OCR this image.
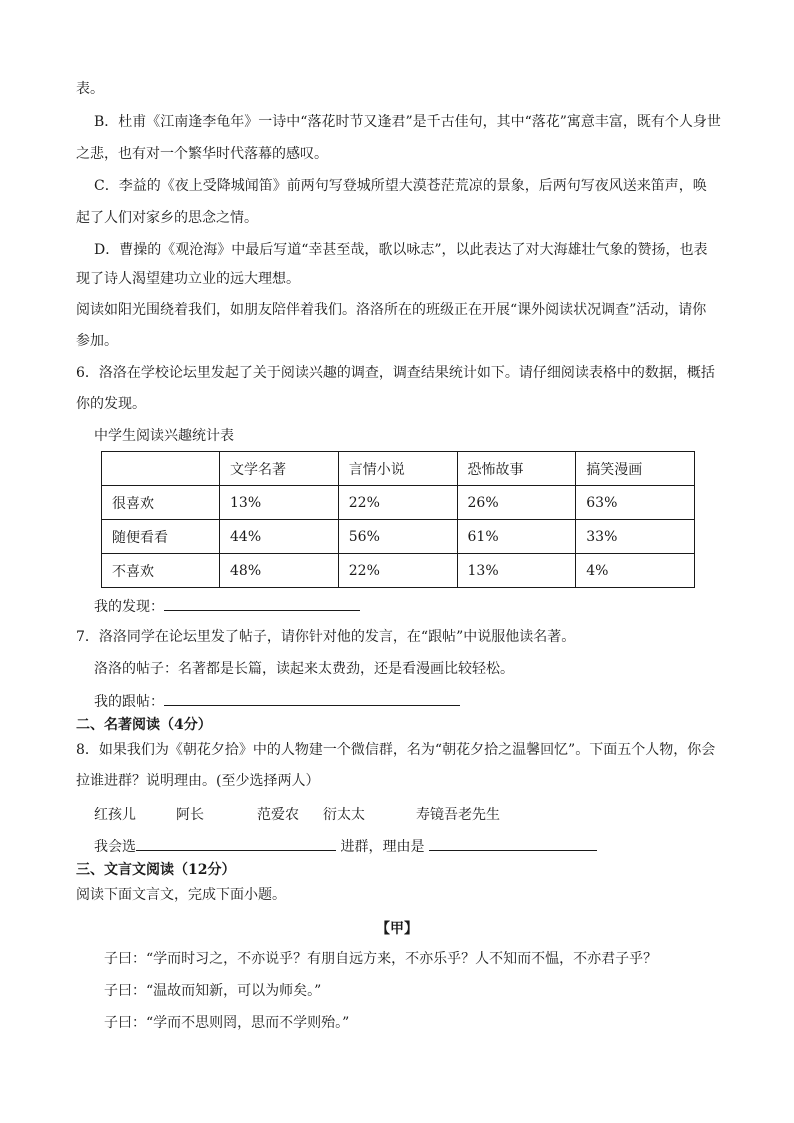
表。
B．杜甫《江南逢李龟年》一诗中“落花时节又逢君”是千古佳句，其中“落花”寓意丰富，既有个人身世
之悲，也有对一个繁华时代落幕的感叹。
C．李益的《夜上受降城闻笛》前两句写登城所望大漠苍茫荒凉的景象，后两句写夜风送来笛声，唤
起了人们对家乡的思念之情。
D．曹操的《观沧海》中最后写道“幸甚至哉，歌以咏志”，以此表达了对大海雄壮气象的赞扬，也表
现了诗人渴望建功立业的远大理想。
阅读如阳光围绕着我们，如朋友陪伴着我们。洛洛所在的班级正在开展“课外阅读状况调查”活动，请你
参加。
6．洛洛在学校论坛里发起了关于阅读兴趣的调查，调查结果统计如下。请仔细阅读表格中的数据，概括
你的发现。
中学生阅读兴趣统计表

	文学名著	言情小说	恐怖故事	搞笑漫画

很喜欢	13%	22%	26%	63%

随便看看	44%	56%	61%	33%

不喜欢	48%	22%	13%	4%
我的发现：
7．洛洛同学在论坛里发了帖子，请你针对他的发言，在“跟帖”中说服他读名著。
洛洛的帖子：名著都是长篇，读起来太费劲，还是看漫画比较轻松。
我的跟帖：
二、名著阅读（4分）
8．如果我们为《朝花夕拾》中的人物建一个微信群，名为“朝花夕拾之温馨回忆”。下面五个人物，你会
拉谁进群？说明理由。(至少选择两人）
红孩儿	阿长	范爱农 衍太太	寿镜吾老先生
我会选	进群，理由是
三、文言文阅读（12分）
阅读下面文言文，完成下面小题。
【甲】
子曰：“学而时习之，不亦说乎？有朋自远方来，不亦乐乎？人不知而不愠，不亦君子乎？
子曰：“温故而知新，可以为师矣。”
子曰：“学而不思则罔，思而不学则殆。”
